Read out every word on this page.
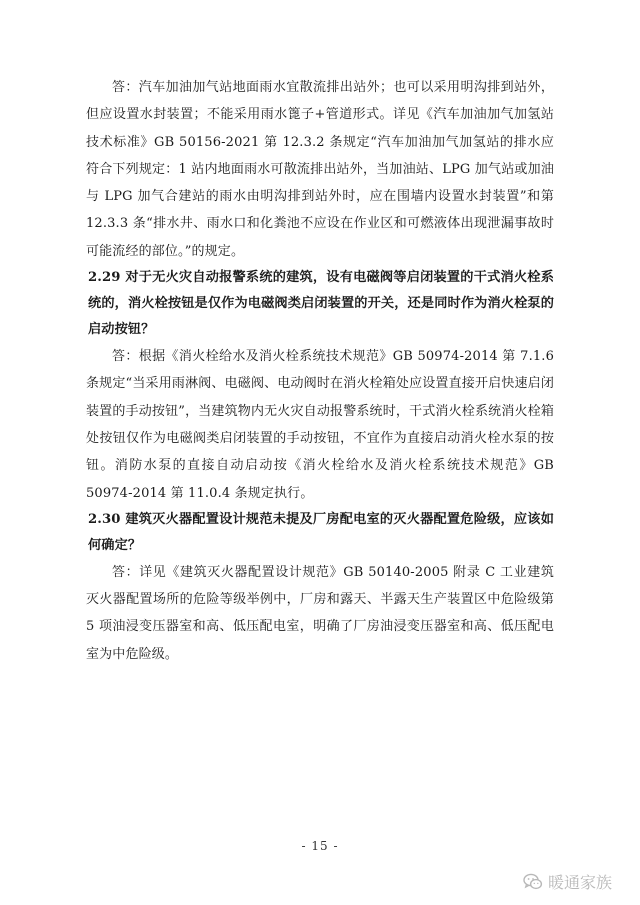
答：汽车加油加气站地面雨水宜散流排出站外；也可以采用明沟排到站外，但应设置水封装置；不能采用雨水篦子+管道形式。详见《汽车加油加气加氢站技术标准》GB 50156-2021 第 12.3.2 条规定“汽车加油加气加氢站的排水应符合下列规定：1 站内地面雨水可散流排出站外，当加油站、LPG 加气站或加油与 LPG 加气合建站的雨水由明沟排到站外时，应在围墙内设置水封装置”和第 12.3.3 条“排水井、雨水口和化粪池不应设在作业区和可燃液体出现泄漏事故时可能流经的部位。”的规定。

2.29 对于无火灾自动报警系统的建筑，设有电磁阀等启闭装置的干式消火栓系统的，消火栓按钮是仅作为电磁阀类启闭装置的开关，还是同时作为消火栓泵的启动按钮？

答：根据《消火栓给水及消火栓系统技术规范》GB 50974-2014 第 7.1.6 条规定“当采用雨淋阀、电磁阀、电动阀时在消火栓箱处应设置直接开启快速启闭装置的手动按钮”，当建筑物内无火灾自动报警系统时，干式消火栓系统消火栓箱处按钮仅作为电磁阀类启闭装置的手动按钮，不宜作为直接启动消火栓水泵的按钮。消防水泵的直接自动启动按《消火栓给水及消火栓系统技术规范》GB 50974-2014 第 11.0.4 条规定执行。

2.30 建筑灭火器配置设计规范未提及厂房配电室的灭火器配置危险级，应该如何确定？

答：详见《建筑灭火器配置设计规范》GB 50140-2005 附录 C 工业建筑灭火器配置场所的危险等级举例中，厂房和露天、半露天生产装置区中危险级第 5 项油浸变压器室和高、低压配电室，明确了厂房油浸变压器室和高、低压配电室为中危险级。

- 15 -
暖通家族
